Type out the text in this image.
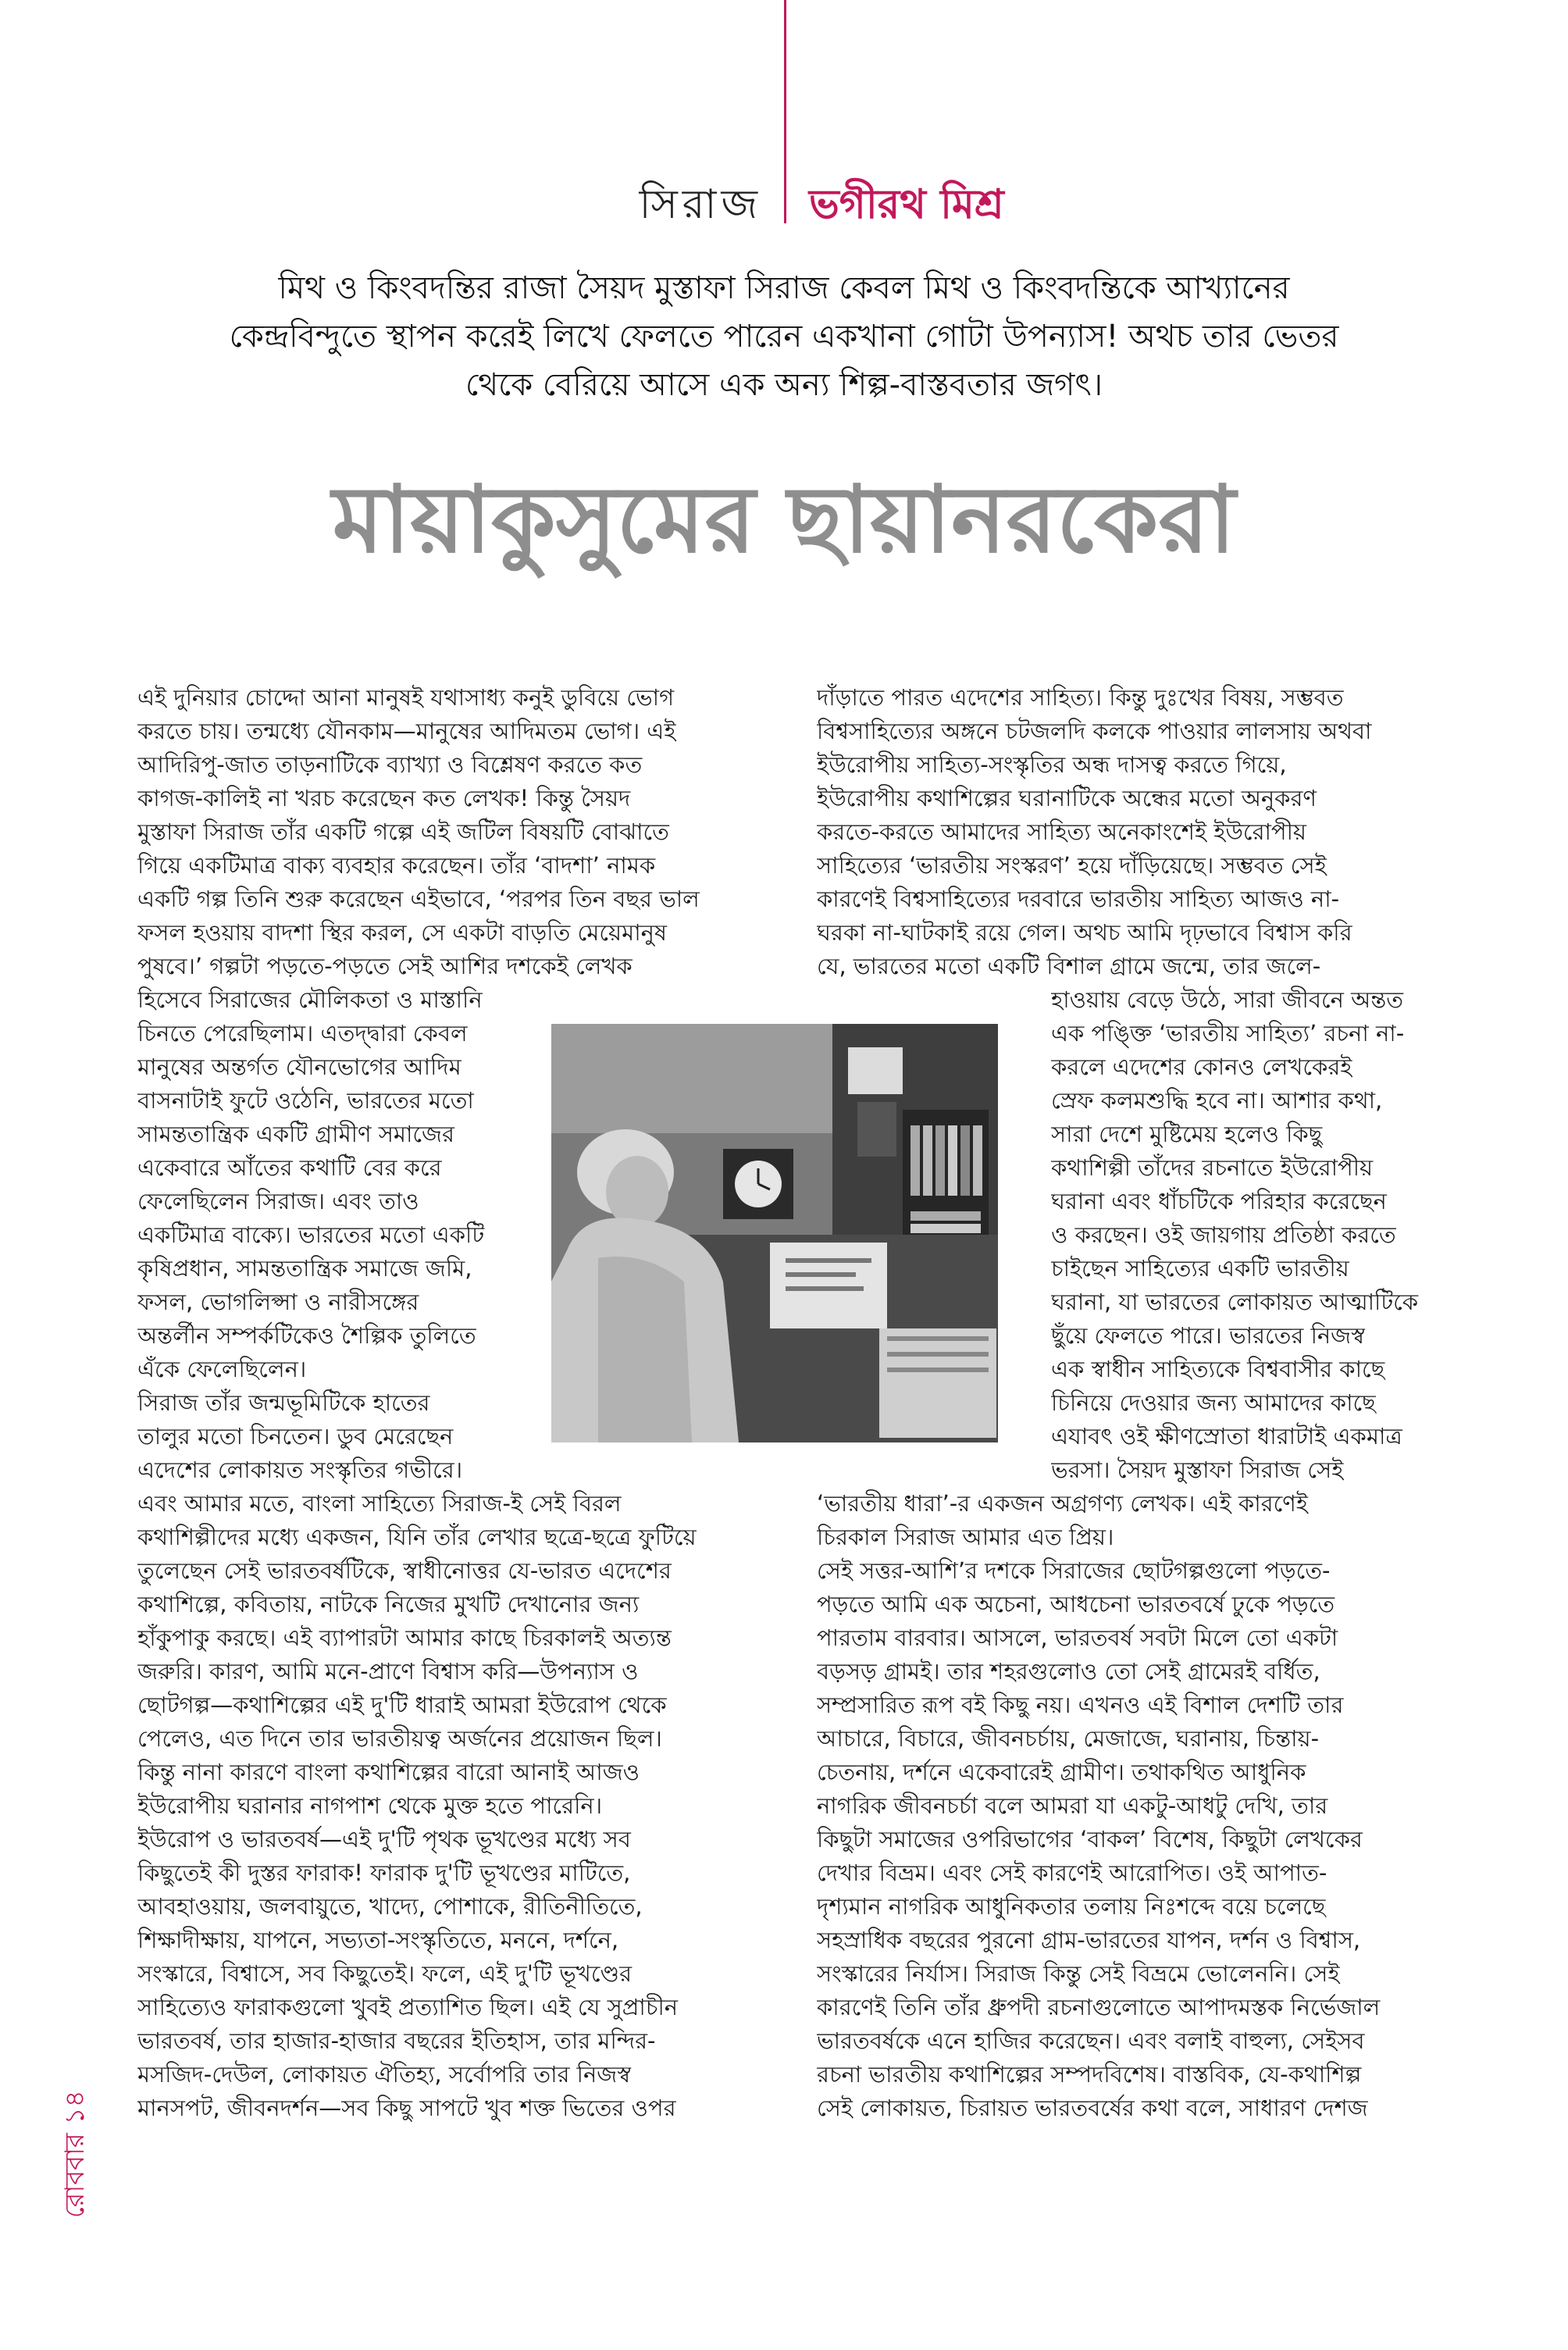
সিরাজ ভগীরথ মিশ্র
মিথ ও কিংবদন্তির রাজা সৈয়দ মুস্তাফা সিরাজ কেবল মিথ ও কিংবদন্তিকে আখ্যানের
কেন্দ্রবিন্দুতে স্থাপন করেই লিখে ফেলতে পারেন একখানা গোটা উপন্যাস! অথচ তার ভেতর
থেকে বেরিয়ে আসে এক অন্য শিল্প-বাস্তবতার জগৎ।
মায়াকুসুমের ছায়ানরকেরা
এই দুনিয়ার চোদ্দো আনা মানুষই যথাসাধ্য কনুই ডুবিয়ে ভোগ
করতে চায়। তন্মধ্যে যৌনকাম—মানুষের আদিমতম ভোগ। এই
আদিরিপু-জাত তাড়নাটিকে ব্যাখ্যা ও বিশ্লেষণ করতে কত
কাগজ-কালিই না খরচ করেছেন কত লেখক! কিন্তু সৈয়দ
মুস্তাফা সিরাজ তাঁর একটি গল্পে এই জটিল বিষয়টি বোঝাতে
গিয়ে একটিমাত্র বাক্য ব্যবহার করেছেন। তাঁর ‘বাদশা’ নামক
একটি গল্প তিনি শুরু করেছেন এইভাবে, ‘পরপর তিন বছর ভাল
ফসল হওয়ায় বাদশা স্থির করল, সে একটা বাড়তি মেয়েমানুষ
পুষবে।’ গল্পটা পড়তে-পড়তে সেই আশির দশকেই লেখক
হিসেবে সিরাজের মৌলিকতা ও মাস্তানি
চিনতে পেরেছিলাম। এতদ্দ্বারা কেবল
মানুষের অন্তর্গত যৌনভোগের আদিম
বাসনাটাই ফুটে ওঠেনি, ভারতের মতো
সামন্ততান্ত্রিক একটি গ্রামীণ সমাজের
একেবারে আঁতের কথাটি বের করে
ফেলেছিলেন সিরাজ। এবং তাও
একটিমাত্র বাক্যে। ভারতের মতো একটি
কৃষিপ্রধান, সামন্ততান্ত্রিক সমাজে জমি,
ফসল, ভোগলিপ্সা ও নারীসঙ্গের
অন্তর্লীন সম্পর্কটিকেও শৈল্পিক তুলিতে
এঁকে ফেলেছিলেন।
সিরাজ তাঁর জন্মভূমিটিকে হাতের
তালুর মতো চিনতেন। ডুব মেরেছেন
এদেশের লোকায়ত সংস্কৃতির গভীরে।
এবং আমার মতে, বাংলা সাহিত্যে সিরাজ-ই সেই বিরল
কথাশিল্পীদের মধ্যে একজন, যিনি তাঁর লেখার ছত্রে-ছত্রে ফুটিয়ে
তুলেছেন সেই ভারতবর্ষটিকে, স্বাধীনোত্তর যে-ভারত এদেশের
কথাশিল্পে, কবিতায়, নাটকে নিজের মুখটি দেখানোর জন্য
হাঁকুপাকু করছে। এই ব্যাপারটা আমার কাছে চিরকালই অত্যন্ত
জরুরি। কারণ, আমি মনে-প্রাণে বিশ্বাস করি—উপন্যাস ও
ছোটগল্প—কথাশিল্পের এই দু'টি ধারাই আমরা ইউরোপ থেকে
পেলেও, এত দিনে তার ভারতীয়ত্ব অর্জনের প্রয়োজন ছিল।
কিন্তু নানা কারণে বাংলা কথাশিল্পের বারো আনাই আজও
ইউরোপীয় ঘরানার নাগপাশ থেকে মুক্ত হতে পারেনি।
ইউরোপ ও ভারতবর্ষ—এই দু'টি পৃথক ভূখণ্ডের মধ্যে সব
কিছুতেই কী দুস্তর ফারাক! ফারাক দু'টি ভূখণ্ডের মাটিতে,
আবহাওয়ায়, জলবায়ুতে, খাদ্যে, পোশাকে, রীতিনীতিতে,
শিক্ষাদীক্ষায়, যাপনে, সভ্যতা-সংস্কৃতিতে, মননে, দর্শনে,
সংস্কারে, বিশ্বাসে, সব কিছুতেই। ফলে, এই দু'টি ভূখণ্ডের
সাহিত্যেও ফারাকগুলো খুবই প্রত্যাশিত ছিল। এই যে সুপ্রাচীন
ভারতবর্ষ, তার হাজার-হাজার বছরের ইতিহাস, তার মন্দির-
মসজিদ-দেউল, লোকায়ত ঐতিহ্য, সর্বোপরি তার নিজস্ব
মানসপট, জীবনদর্শন—সব কিছু সাপটে খুব শক্ত ভিতের ওপর
দাঁড়াতে পারত এদেশের সাহিত্য। কিন্তু দুঃখের বিষয়, সম্ভবত
বিশ্বসাহিত্যের অঙ্গনে চটজলদি কলকে পাওয়ার লালসায় অথবা
ইউরোপীয় সাহিত্য-সংস্কৃতির অন্ধ দাসত্ব করতে গিয়ে,
ইউরোপীয় কথাশিল্পের ঘরানাটিকে অন্ধের মতো অনুকরণ
করতে-করতে আমাদের সাহিত্য অনেকাংশেই ইউরোপীয়
সাহিত্যের ‘ভারতীয় সংস্করণ’ হয়ে দাঁড়িয়েছে। সম্ভবত সেই
কারণেই বিশ্বসাহিত্যের দরবারে ভারতীয় সাহিত্য আজও না-
ঘরকা না-ঘাটকাই রয়ে গেল। অথচ আমি দৃঢ়ভাবে বিশ্বাস করি
যে, ভারতের মতো একটি বিশাল গ্রামে জন্মে, তার জলে-
হাওয়ায় বেড়ে উঠে, সারা জীবনে অন্তত
এক পঙ্ক্তি ‘ভারতীয় সাহিত্য’ রচনা না-
করলে এদেশের কোনও লেখকেরই
স্রেফ কলমশুদ্ধি হবে না। আশার কথা,
সারা দেশে মুষ্টিমেয় হলেও কিছু
কথাশিল্পী তাঁদের রচনাতে ইউরোপীয়
ঘরানা এবং ধাঁচটিকে পরিহার করেছেন
ও করছেন। ওই জায়গায় প্রতিষ্ঠা করতে
চাইছেন সাহিত্যের একটি ভারতীয়
ঘরানা, যা ভারতের লোকায়ত আত্মাটিকে
ছুঁয়ে ফেলতে পারে। ভারতের নিজস্ব
এক স্বাধীন সাহিত্যকে বিশ্ববাসীর কাছে
চিনিয়ে দেওয়ার জন্য আমাদের কাছে
এযাবৎ ওই ক্ষীণস্রোতা ধারাটাই একমাত্র
ভরসা। সৈয়দ মুস্তাফা সিরাজ সেই
‘ভারতীয় ধারা’-র একজন অগ্রগণ্য লেখক। এই কারণেই
চিরকাল সিরাজ আমার এত প্রিয়।
সেই সত্তর-আশি’র দশকে সিরাজের ছোটগল্পগুলো পড়তে-
পড়তে আমি এক অচেনা, আধচেনা ভারতবর্ষে ঢুকে পড়তে
পারতাম বারবার। আসলে, ভারতবর্ষ সবটা মিলে তো একটা
বড়সড় গ্রামই। তার শহরগুলোও তো সেই গ্রামেরই বর্ধিত,
সম্প্রসারিত রূপ বই কিছু নয়। এখনও এই বিশাল দেশটি তার
আচারে, বিচারে, জীবনচর্চায়, মেজাজে, ঘরানায়, চিন্তায়-
চেতনায়, দর্শনে একেবারেই গ্রামীণ। তথাকথিত আধুনিক
নাগরিক জীবনচর্চা বলে আমরা যা একটু-আধটু দেখি, তার
কিছুটা সমাজের ওপরিভাগের ‘বাকল’ বিশেষ, কিছুটা লেখকের
দেখার বিভ্রম। এবং সেই কারণেই আরোপিত। ওই আপাত-
দৃশ্যমান নাগরিক আধুনিকতার তলায় নিঃশব্দে বয়ে চলেছে
সহস্রাধিক বছরের পুরনো গ্রাম-ভারতের যাপন, দর্শন ও বিশ্বাস,
সংস্কারের নির্যাস। সিরাজ কিন্তু সেই বিভ্রমে ভোলেননি। সেই
কারণেই তিনি তাঁর ধ্রুপদী রচনাগুলোতে আপাদমস্তক নির্ভেজাল
ভারতবর্ষকে এনে হাজির করেছেন। এবং বলাই বাহুল্য, সেইসব
রচনা ভারতীয় কথাশিল্পের সম্পদবিশেষ। বাস্তবিক, যে-কথাশিল্প
সেই লোকায়ত, চিরায়ত ভারতবর্ষের কথা বলে, সাধারণ দেশজ
রোববার ১৪
